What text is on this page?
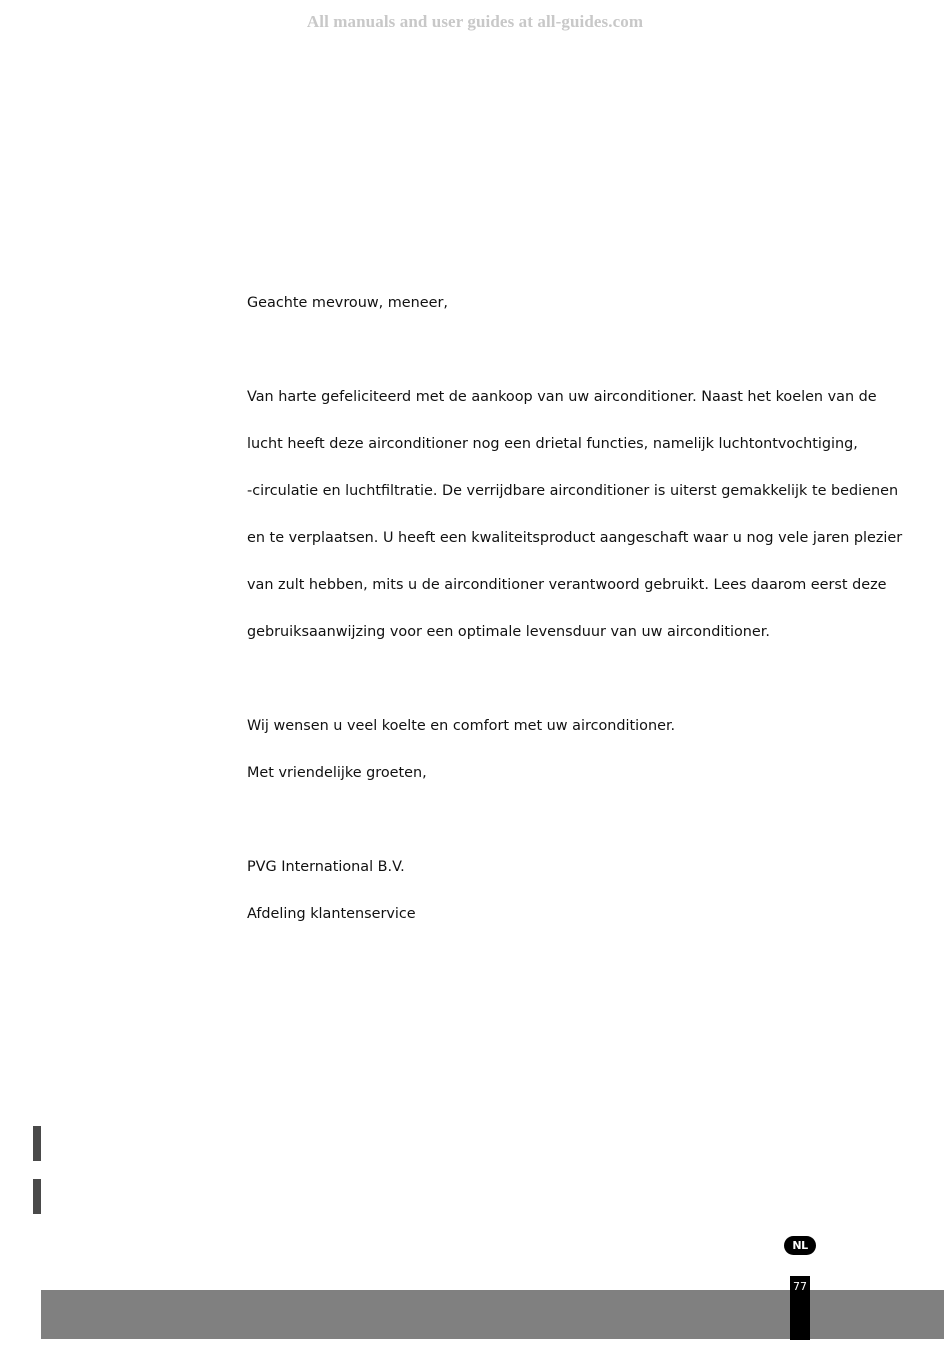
All manuals and user guides at all-guides.com

Geachte mevrouw, meneer,

Van harte gefeliciteerd met de aankoop van uw airconditioner. Naast het koelen van de

lucht heeft deze airconditioner nog een drietal functies, namelijk luchtontvochtiging,

-circulatie en luchtfiltratie. De verrijdbare airconditioner is uiterst gemakkelijk te bedienen

en te verplaatsen. U heeft een kwaliteitsproduct aangeschaft waar u nog vele jaren plezier

van zult hebben, mits u de airconditioner verantwoord gebruikt. Lees daarom eerst deze

gebruiksaanwijzing voor een optimale levensduur van uw airconditioner.

Wij wensen u veel koelte en comfort met uw airconditioner.

Met vriendelijke groeten,

PVG International B.V.

Afdeling klantenservice

NL
77
